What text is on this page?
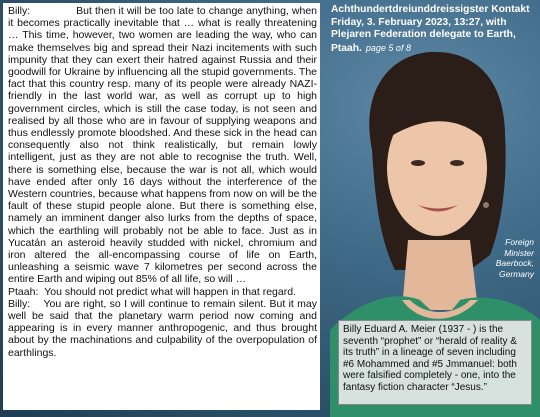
Billy:	But then it will be too late to change anything, when it becomes practically inevitable that … what is really threatening … This time, however, two women are leading the way, who can make themselves big and spread their Nazi incitements with such impunity that they can exert their hatred against Russia and their goodwill for Ukraine by influencing all the stupid governments. The fact that this country resp. many of its people were already NAZI-friendly in the last world war, as well as corrupt up to high government circles, which is still the case today, is not seen and realised by all those who are in favour of supplying weapons and thus endlessly promote bloodshed. And these sick in the head can consequently also not think realistically, but remain lowly intelligent, just as they are not able to recognise the truth. Well, there is something else, because the war is not all, which would have ended after only 16 days without the interference of the Western countries, because what happens from now on will be the fault of these stupid people alone. But there is something else, namely an imminent danger also lurks from the depths of space, which the earthling will probably not be able to face. Just as in Yucatán an asteroid heavily studded with nickel, chromium and iron altered the all-encompassing course of life on Earth, unleashing a seismic wave 7 kilometres per second across the entire Earth and wiping out 85% of all life, so will …

Ptaah: You should not predict what will happen in that regard.

Billy: You are right, so I will continue to remain silent. But it may well be said that the planetary warm period now coming and appearing is in every manner anthropogenic, and thus brought about by the machinations and culpability of the overpopulation of earthlings.

Achthundertdreiunddreissigster Kontakt Friday, 3. February 2023, 13:27, with Plejaren Federation delegate to Earth, Ptaah. page 5 of 8
Foreign Minister Baerbock, Germany
Billy Eduard A. Meier (1937 - ) is the seventh “prophet” or “herald of reality & its truth” in a lineage of seven including #6 Mohammed and #5 Jmmanuel: both were falsified completely - one, into the fantasy fiction character “Jesus.”
